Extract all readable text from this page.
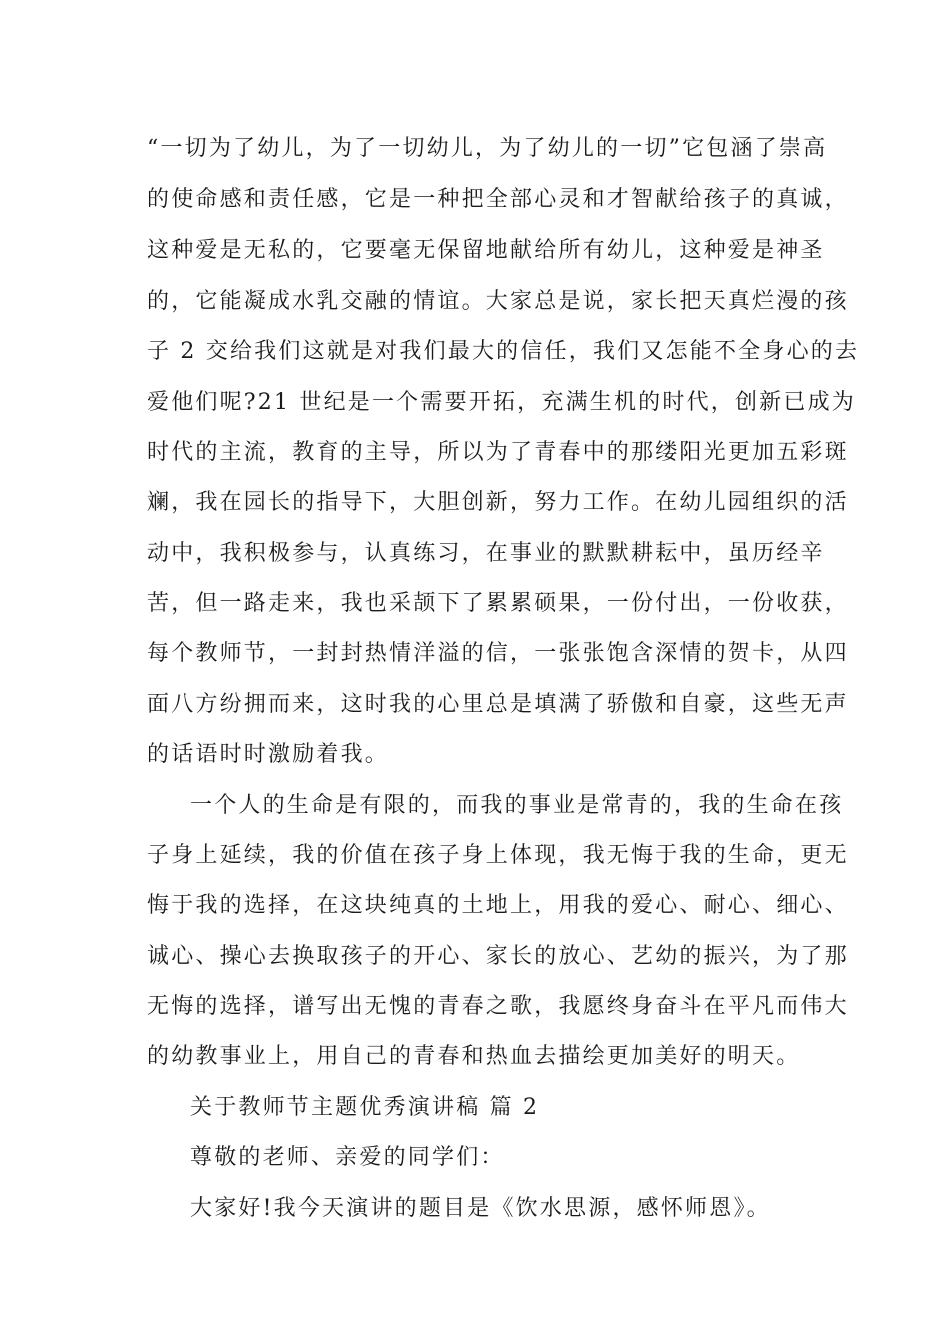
“一切为了幼儿，为了一切幼儿，为了幼儿的一切”它包涵了崇高
的使命感和责任感，它是一种把全部心灵和才智献给孩子的真诚，
这种爱是无私的，它要毫无保留地献给所有幼儿，这种爱是神圣
的，它能凝成水乳交融的情谊。大家总是说，家长把天真烂漫的孩
子 2 交给我们这就是对我们最大的信任，我们又怎能不全身心的去
爱他们呢?21 世纪是一个需要开拓，充满生机的时代，创新已成为
时代的主流，教育的主导，所以为了青春中的那缕阳光更加五彩斑
斓，我在园长的指导下，大胆创新，努力工作。在幼儿园组织的活
动中，我积极参与，认真练习，在事业的默默耕耘中，虽历经辛
苦，但一路走来，我也采颉下了累累硕果，一份付出，一份收获，
每个教师节，一封封热情洋溢的信，一张张饱含深情的贺卡，从四
面八方纷拥而来，这时我的心里总是填满了骄傲和自豪，这些无声
的话语时时激励着我。
一个人的生命是有限的，而我的事业是常青的，我的生命在孩
子身上延续，我的价值在孩子身上体现，我无悔于我的生命，更无
悔于我的选择，在这块纯真的土地上，用我的爱心、耐心、细心、
诚心、操心去换取孩子的开心、家长的放心、艺幼的振兴，为了那
无悔的选择，谱写出无愧的青春之歌，我愿终身奋斗在平凡而伟大
的幼教事业上，用自己的青春和热血去描绘更加美好的明天。
关于教师节主题优秀演讲稿 篇 2
尊敬的老师、亲爱的同学们：
大家好!我今天演讲的题目是《饮水思源，感怀师恩》。
